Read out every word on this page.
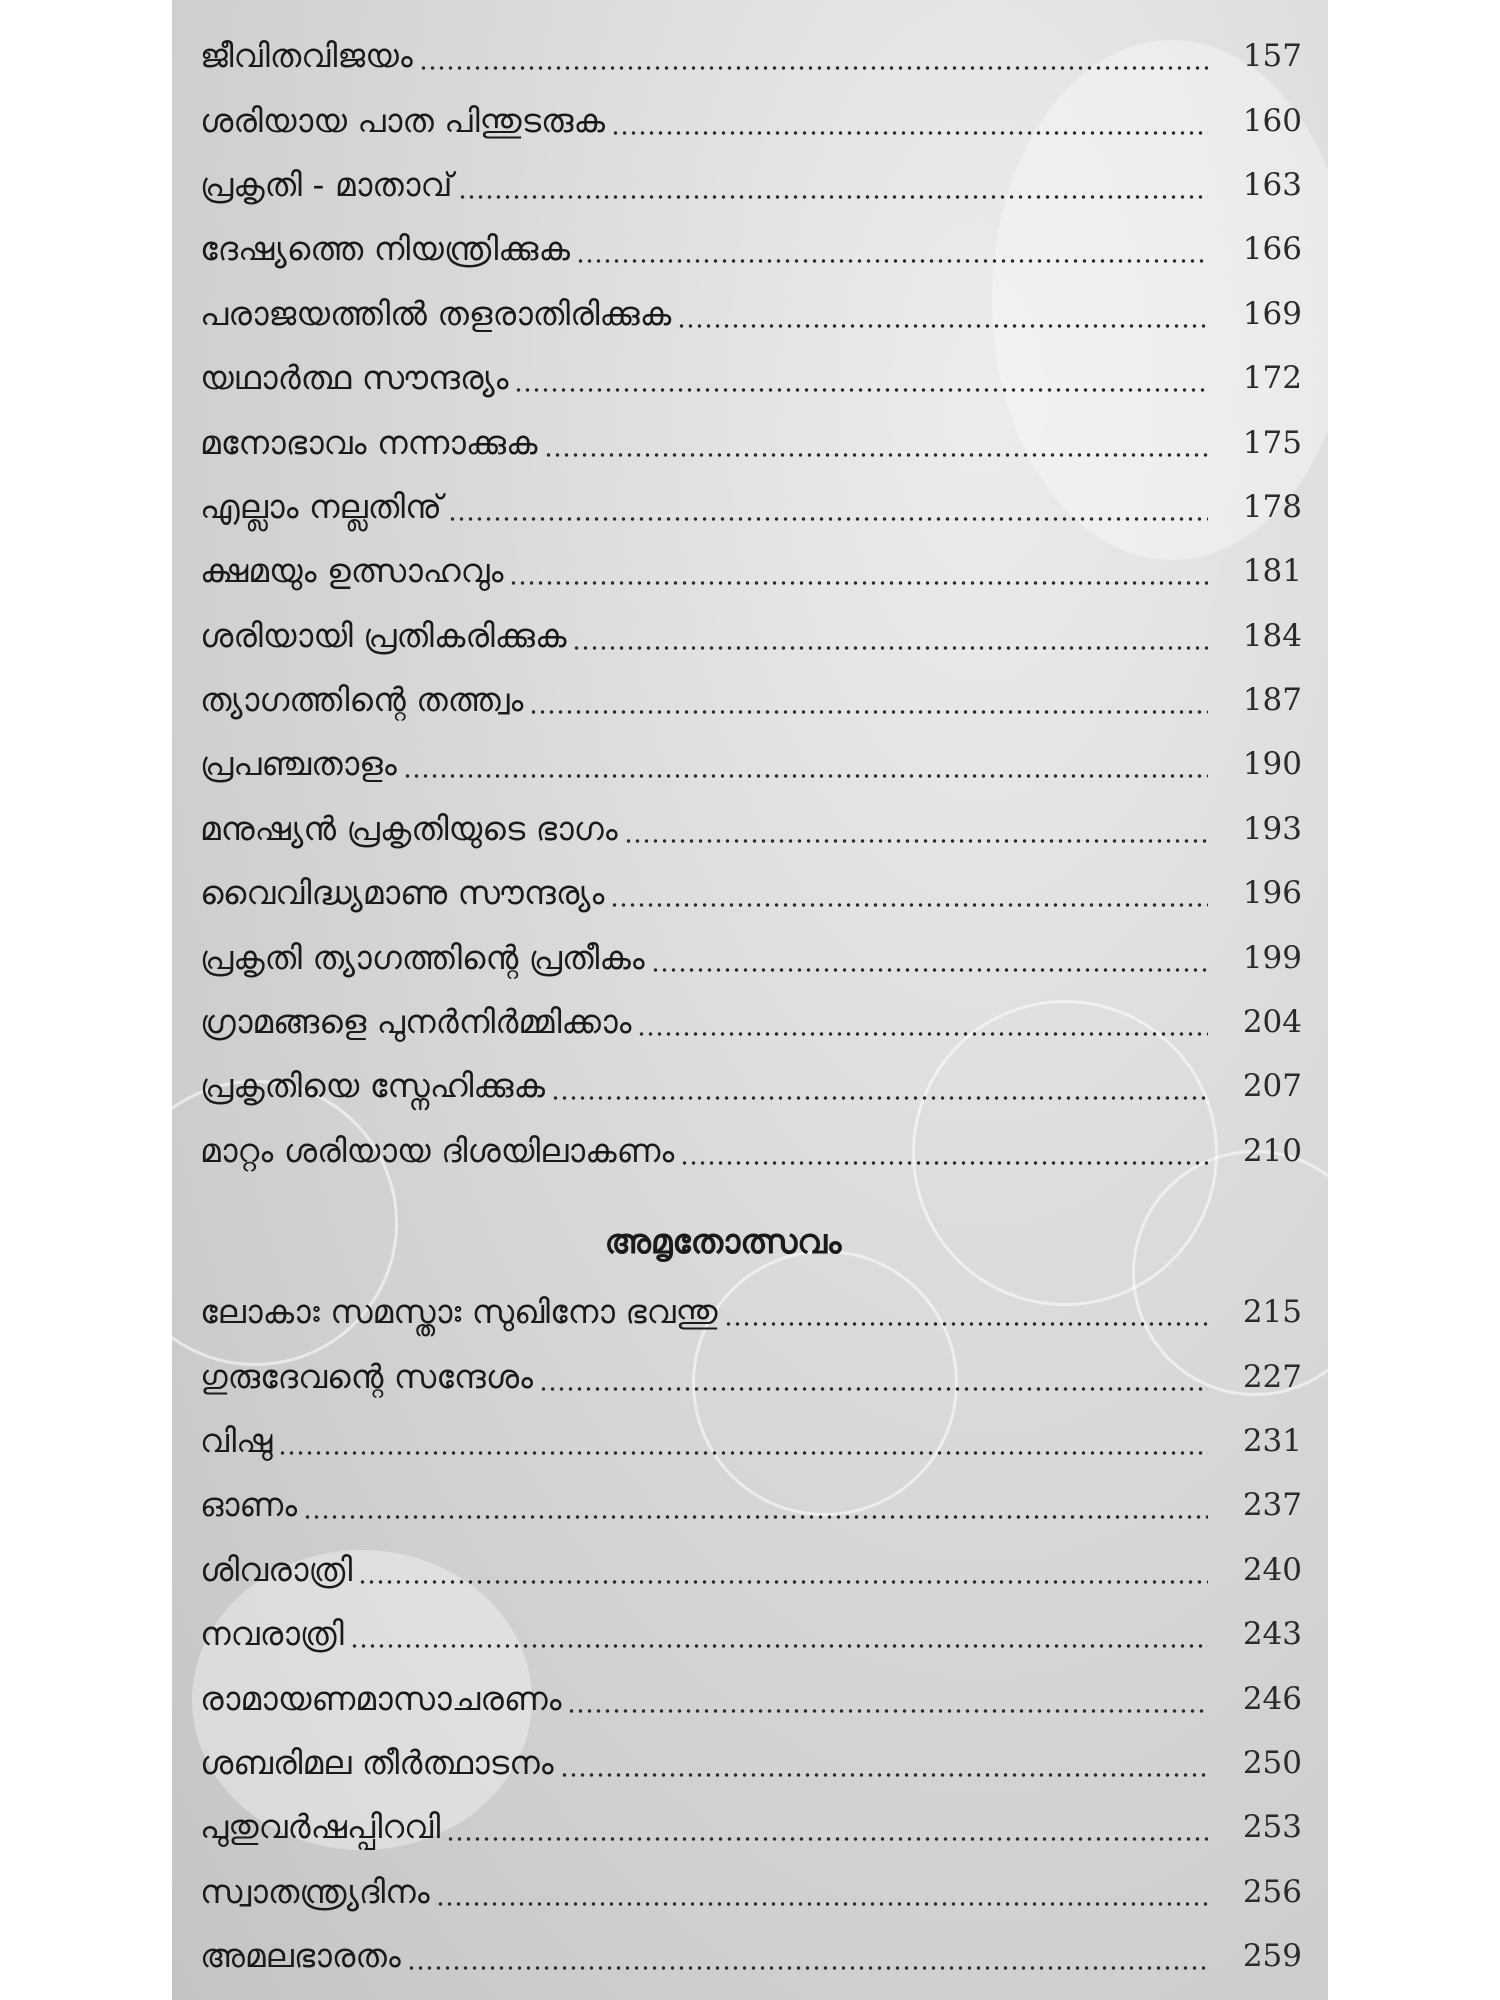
ജീവിതവിജയം	157
ശരിയായ പാത പിന്തുടരുക	160
പ്രകൃതി - മാതാവ്	163
ദേഷ്യത്തെ നിയന്ത്രിക്കുക	166
പരാജയത്തിൽ തളരാതിരിക്കുക	169
യഥാർത്ഥ സൗന്ദര്യം	172
മനോഭാവം നന്നാക്കുക	175
എല്ലാം നല്ലതിനു്	178
ക്ഷമയും ഉത്സാഹവും	181
ശരിയായി പ്രതികരിക്കുക	184
ത്യാഗത്തിന്റെ തത്ത്വം	187
പ്രപഞ്ചതാളം	190
മനുഷ്യൻ പ്രകൃതിയുടെ ഭാഗം	193
വൈവിദ്ധ്യമാണു സൗന്ദര്യം	196
പ്രകൃതി ത്യാഗത്തിന്റെ പ്രതീകം	199
ഗ്രാമങ്ങളെ പുനർനിർമ്മിക്കാം	204
പ്രകൃതിയെ സ്നേഹിക്കുക	207
മാറ്റം ശരിയായ ദിശയിലാകണം	210
അമൃതോത്സവം
ലോകാഃ സമസ്താഃ സുഖിനോ ഭവന്തു	215
ഗുരുദേവന്റെ സന്ദേശം	227
വിഷു	231
ഓണം	237
ശിവരാത്രി	240
നവരാത്രി	243
രാമായണമാസാചരണം	246
ശബരിമല തീർത്ഥാടനം	250
പുതുവർഷപ്പിറവി	253
സ്വാതന്ത്ര്യദിനം	256
അമലഭാരതം	259
